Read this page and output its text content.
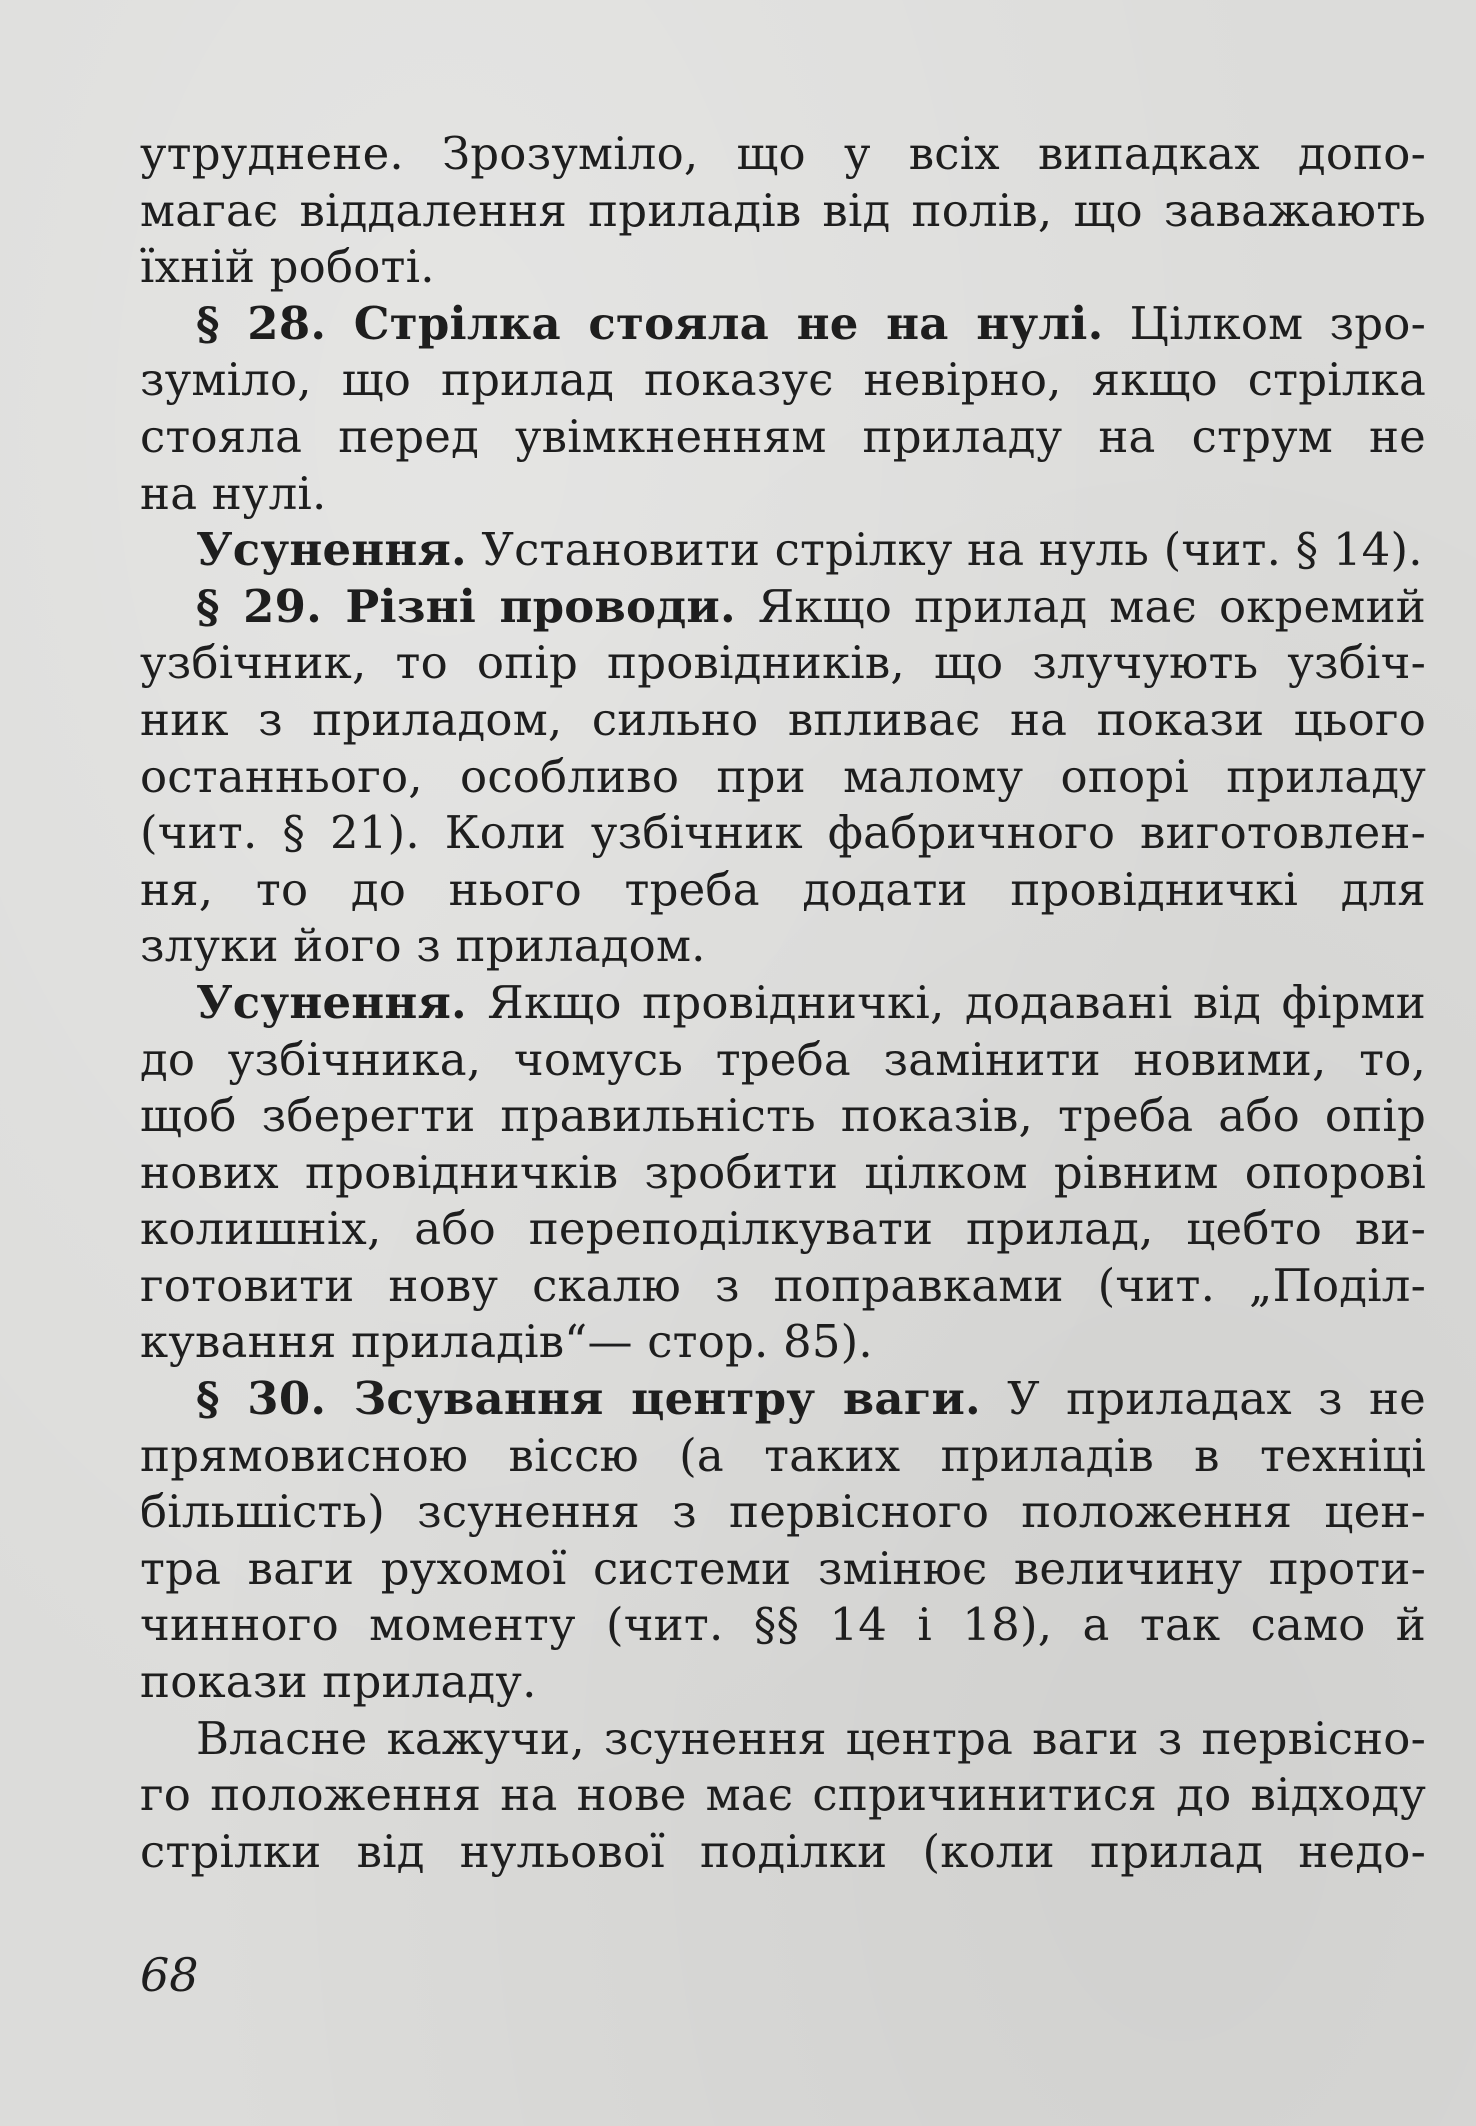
утруднене. Зрозуміло, що у всіх випадках допо-
магає віддалення приладів від полів, що заважають
їхній роботі.
§ 28. Стрілка стояла не на нулі. Цілком зро-
зуміло, що прилад показує невірно, якщо стрілка
стояла перед увімкненням приладу на струм не
на нулі.
Усунення. Установити стрілку на нуль (чит. § 14).
§ 29. Різні проводи. Якщо прилад має окремий
узбічник, то опір провідників, що злучують узбіч-
ник з приладом, сильно впливає на покази цього
останнього, особливо при малому опорі приладу
(чит. § 21). Коли узбічник фабричного виготовлен-
ня, то до нього треба додати провідничкі для
злуки його з приладом.
Усунення. Якщо провідничкі, додавані від фірми
до узбічника, чомусь треба замінити новими, то,
щоб зберегти правильність показів, треба або опір
нових провідничків зробити цілком рівним опорові
колишніх, або переподілкувати прилад, цебто ви-
готовити нову скалю з поправками (чит. „Поділ-
кування приладів“— стор. 85).
§ 30. Зсування центру ваги. У приладах з не
прямовисною віссю (а таких приладів в техніці
більшість) зсунення з первісного положення цен-
тра ваги рухомої системи змінює величину проти-
чинного моменту (чит. §§ 14 і 18), а так само й
покази приладу.
Власне кажучи, зсунення центра ваги з первісно-
го положення на нове має спричинитися до відходу
стрілки від нульової поділки (коли прилад недо-
68
